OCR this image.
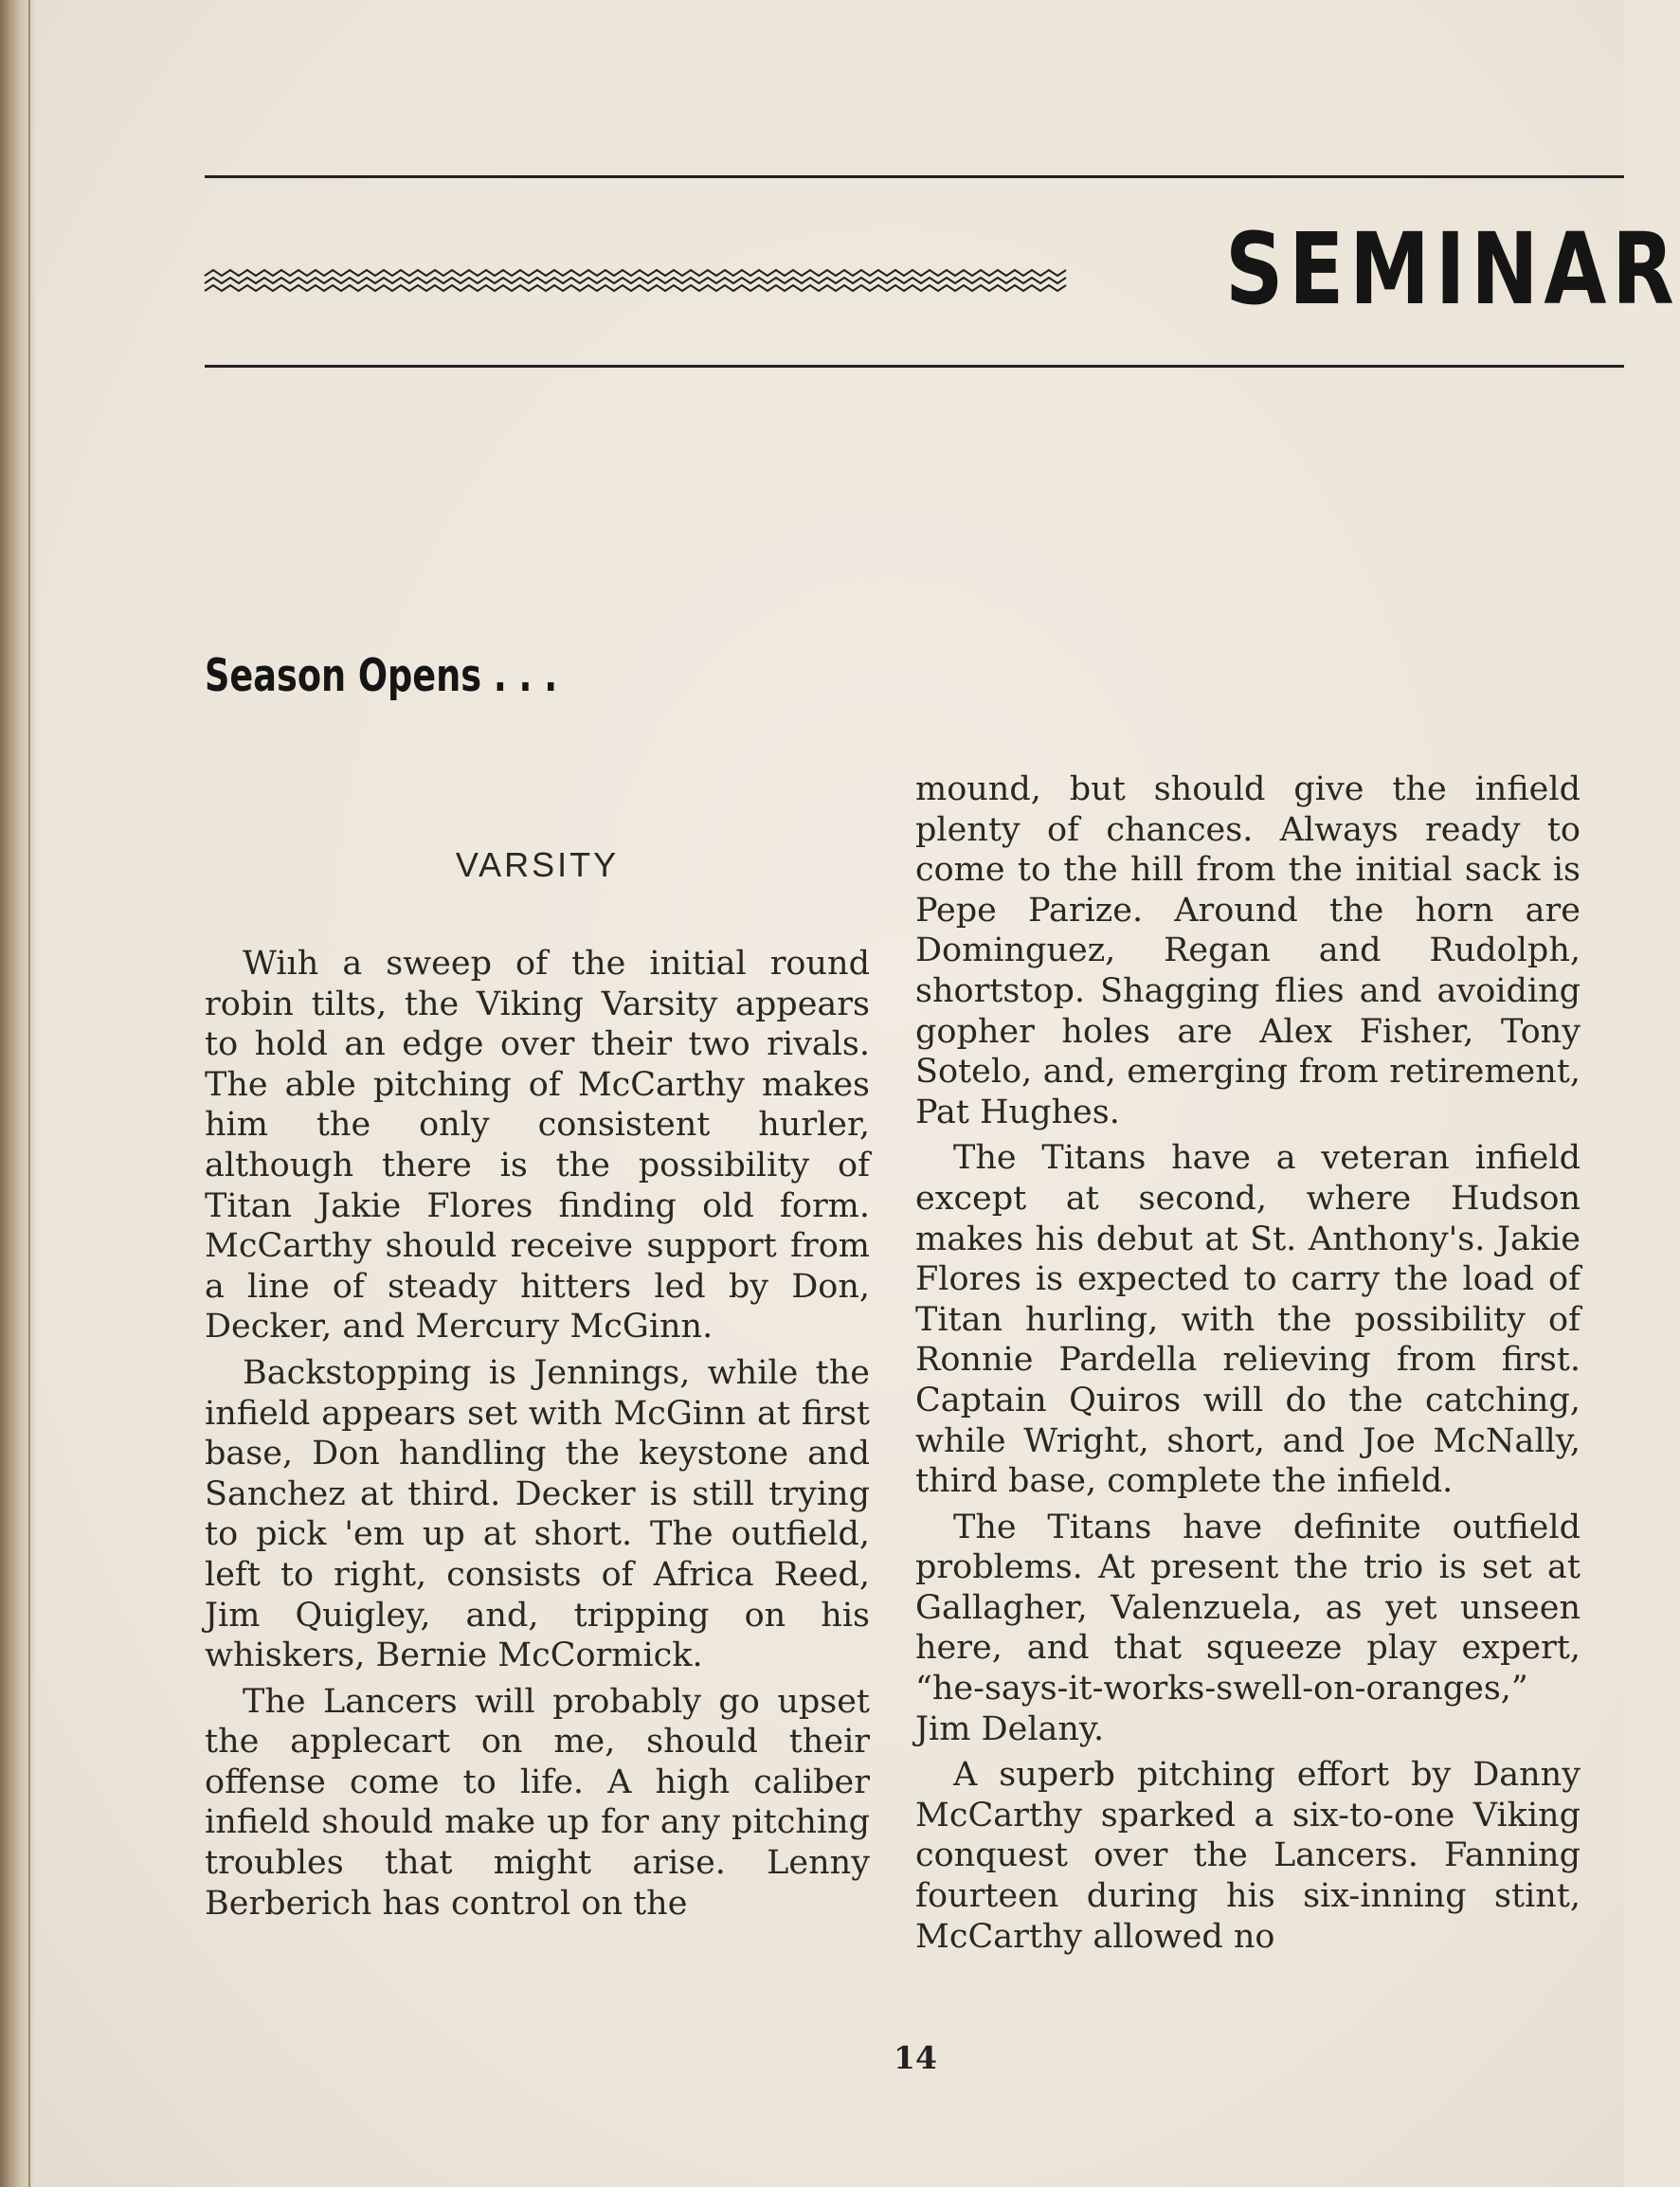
SEMINAR
Season Opens . . .
VARSITY

Wiıh a sweep of the initial round robin tilts, the Viking Varsity appears to hold an edge over their two rivals. The able pitching of McCarthy makes him the only consistent hurler, although there is the possibility of Titan Jakie Flores finding old form. McCarthy should receive support from a line of steady hitters led by Don, Decker, and Mercury McGinn.

Backstopping is Jennings, while the infield appears set with McGinn at first base, Don handling the keystone and Sanchez at third. Decker is still trying to pick 'em up at short. The outfield, left to right, consists of Africa Reed, Jim Quigley, and, tripping on his whiskers, Bernie McCormick.

The Lancers will probably go upset the applecart on me, should their offense come to life. A high caliber infield should make up for any pitching troubles that might arise. Lenny Berberich has control on the

mound, but should give the infield plenty of chances. Always ready to come to the hill from the initial sack is Pepe Parize. Around the horn are Dominguez, Regan and Rudolph, shortstop. Shagging flies and avoiding gopher holes are Alex Fisher, Tony Sotelo, and, emerging from retirement, Pat Hughes.

The Titans have a veteran infield except at second, where Hudson makes his debut at St. Anthony's. Jakie Flores is expected to carry the load of Titan hurling, with the possibility of Ronnie Pardella relieving from first. Captain Quiros will do the catching, while Wright, short, and Joe McNally, third base, complete the infield.

The Titans have definite outfield problems. At present the trio is set at Gallagher, Valenzuela, as yet unseen here, and that squeeze play expert, “he-says-it-works-swell-on-oranges,” Jim Delany.

A superb pitching effort by Danny McCarthy sparked a six-to-one Viking conquest over the Lancers. Fanning fourteen during his six-inning stint, McCarthy allowed no

14
